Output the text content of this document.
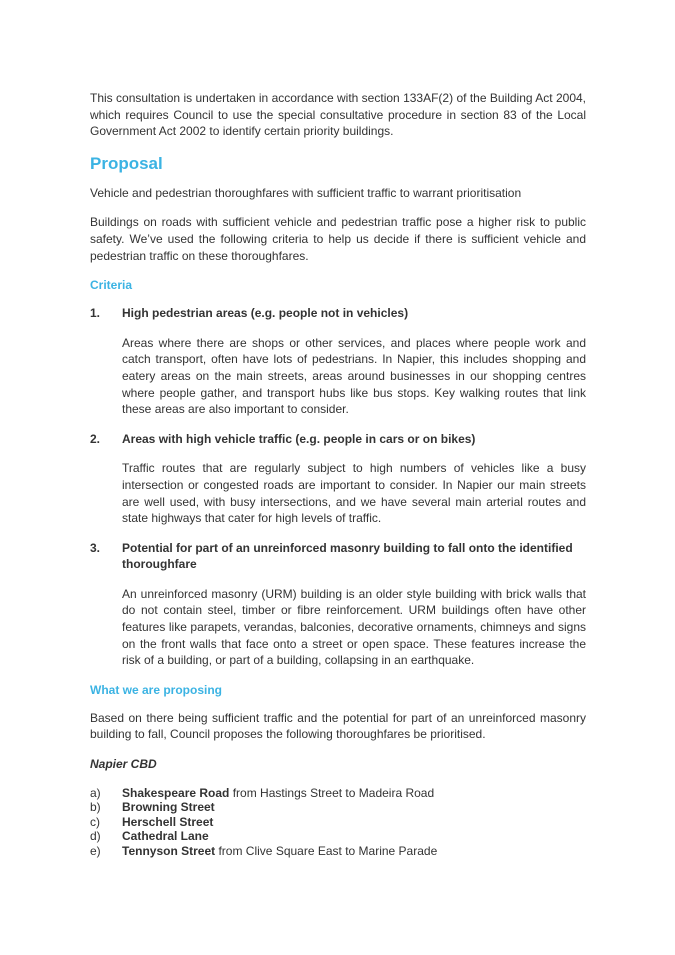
This consultation is undertaken in accordance with section 133AF(2) of the Building Act 2004, which requires Council to use the special consultative procedure in section 83 of the Local Government Act 2002 to identify certain priority buildings.

Proposal

Vehicle and pedestrian thoroughfares with sufficient traffic to warrant prioritisation

Buildings on roads with sufficient vehicle and pedestrian traffic pose a higher risk to public safety. We’ve used the following criteria to help us decide if there is sufficient vehicle and pedestrian traffic on these thoroughfares.

Criteria
1.	High pedestrian areas (e.g. people not in vehicles)

Areas where there are shops or other services, and places where people work and catch transport, often have lots of pedestrians. In Napier, this includes shopping and eatery areas on the main streets, areas around businesses in our shopping centres where people gather, and transport hubs like bus stops. Key walking routes that link these areas are also important to consider.

2.	Areas with high vehicle traffic (e.g. people in cars or on bikes)

Traffic routes that are regularly subject to high numbers of vehicles like a busy intersection or congested roads are important to consider. In Napier our main streets are well used, with busy intersections, and we have several main arterial routes and state highways that cater for high levels of traffic.

3.	Potential for part of an unreinforced masonry building to fall onto the identified thoroughfare

An unreinforced masonry (URM) building is an older style building with brick walls that do not contain steel, timber or fibre reinforcement. URM buildings often have other features like parapets, verandas, balconies, decorative ornaments, chimneys and signs on the front walls that face onto a street or open space. These features increase the risk of a building, or part of a building, collapsing in an earthquake.

What we are proposing

Based on there being sufficient traffic and the potential for part of an unreinforced masonry building to fall, Council proposes the following thoroughfares be prioritised.

Napier CBD

a)	Shakespeare Road from Hastings Street to Madeira Road
b)	Browning Street
c)	Herschell Street
d)	Cathedral Lane
e)	Tennyson Street from Clive Square East to Marine Parade
